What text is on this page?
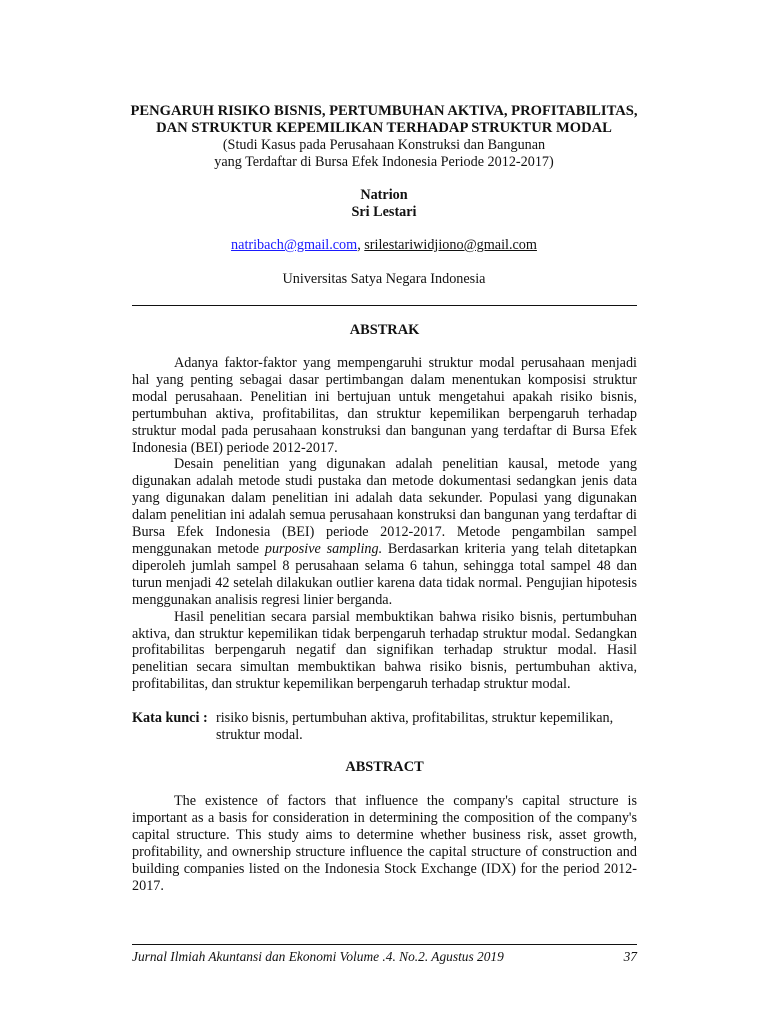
PENGARUH RISIKO BISNIS, PERTUMBUHAN AKTIVA, PROFITABILITAS,
DAN STRUKTUR KEPEMILIKAN TERHADAP STRUKTUR MODAL
(Studi Kasus pada Perusahaan Konstruksi dan Bangunan
yang Terdaftar di Bursa Efek Indonesia Periode 2012-2017)
Natrion
Sri Lestari
natribach@gmail.com, srilestariwidjiono@gmail.com
Universitas Satya Negara Indonesia
ABSTRAK

Adanya faktor-faktor yang mempengaruhi struktur modal perusahaan menjadi hal yang penting sebagai dasar pertimbangan dalam menentukan komposisi struktur modal perusahaan. Penelitian ini bertujuan untuk mengetahui apakah risiko bisnis, pertumbuhan aktiva, profitabilitas, dan struktur kepemilikan berpengaruh terhadap struktur modal pada perusahaan konstruksi dan bangunan yang terdaftar di Bursa Efek Indonesia (BEI) periode 2012-2017.

Desain penelitian yang digunakan adalah penelitian kausal, metode yang digunakan adalah metode studi pustaka dan metode dokumentasi sedangkan jenis data yang digunakan dalam penelitian ini adalah data sekunder. Populasi yang digunakan dalam penelitian ini adalah semua perusahaan konstruksi dan bangunan yang terdaftar di Bursa Efek Indonesia (BEI) periode 2012-2017. Metode pengambilan sampel menggunakan metode purposive sampling. Berdasarkan kriteria yang telah ditetapkan diperoleh jumlah sampel 8 perusahaan selama 6 tahun, sehingga total sampel 48 dan turun menjadi 42 setelah dilakukan outlier karena data tidak normal. Pengujian hipotesis menggunakan analisis regresi linier berganda.

Hasil penelitian secara parsial membuktikan bahwa risiko bisnis, pertumbuhan aktiva, dan struktur kepemilikan tidak berpengaruh terhadap struktur modal. Sedangkan profitabilitas berpengaruh negatif dan signifikan terhadap struktur modal. Hasil penelitian secara simultan membuktikan bahwa risiko bisnis, pertumbuhan aktiva, profitabilitas, dan struktur kepemilikan berpengaruh terhadap struktur modal.

Kata kunci : risiko bisnis, pertumbuhan aktiva, profitabilitas, struktur kepemilikan, struktur modal.
ABSTRACT

The existence of factors that influence the company's capital structure is important as a basis for consideration in determining the composition of the company's capital structure. This study aims to determine whether business risk, asset growth, profitability, and ownership structure influence the capital structure of construction and building companies listed on the Indonesia Stock Exchange (IDX) for the period 2012-2017.

Jurnal Ilmiah Akuntansi dan Ekonomi Volume .4. No.2. Agustus 2019	37
